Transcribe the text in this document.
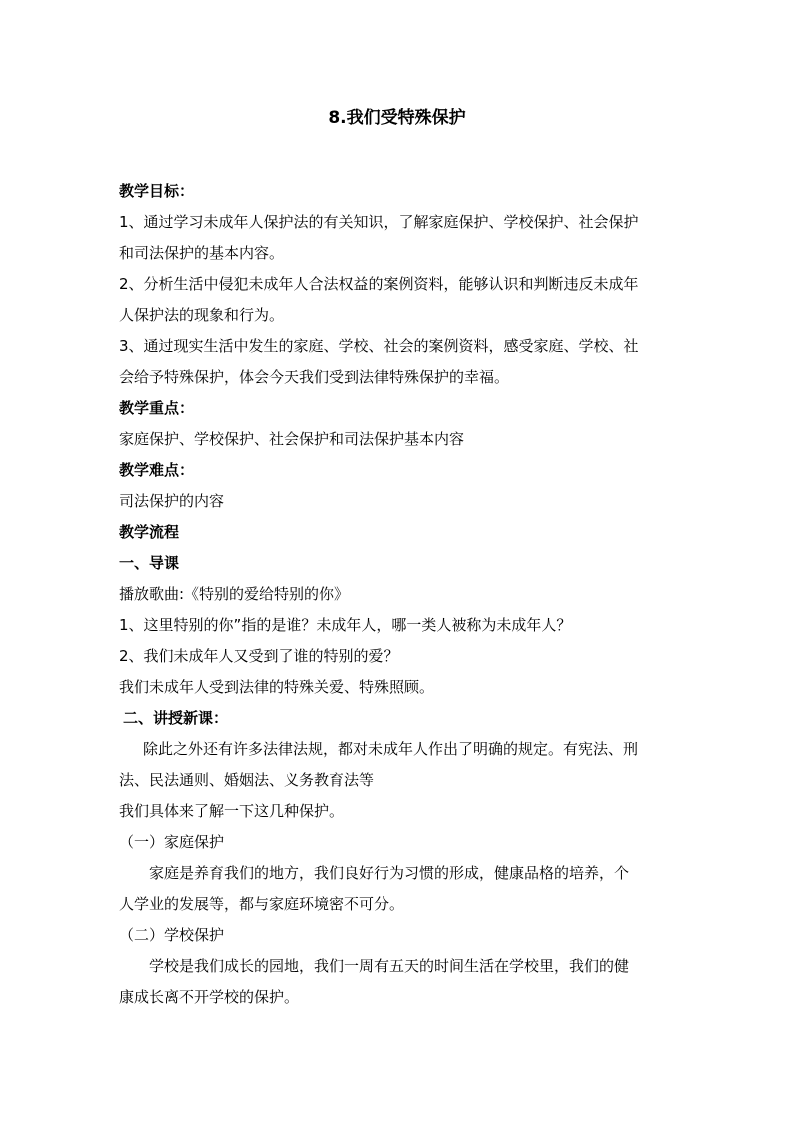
8.我们受特殊保护

教学目标：

1、通过学习未成年人保护法的有关知识，了解家庭保护、学校保护、社会保护

和司法保护的基本内容。

2、分析生活中侵犯未成年人合法权益的案例资料，能够认识和判断违反未成年

人保护法的现象和行为。

3、通过现实生活中发生的家庭、学校、社会的案例资料，感受家庭、学校、社

会给予特殊保护，体会今天我们受到法律特殊保护的幸福。

教学重点：

家庭保护、学校保护、社会保护和司法保护基本内容

教学难点：

司法保护的内容

教学流程

一、导课

播放歌曲:《特别的爱给特别的你》

1、这里特别的你”指的是谁？未成年人，哪一类人被称为未成年人？

2、我们未成年人又受到了谁的特别的爱？

我们未成年人受到法律的特殊关爱、特殊照顾。

二、讲授新课：

除此之外还有许多法律法规，都对未成年人作出了明确的规定。有宪法、刑

法、民法通则、婚姻法、义务教育法等

我们具体来了解一下这几种保护。

（一）家庭保护

家庭是养育我们的地方，我们良好行为习惯的形成，健康品格的培养，个

人学业的发展等，都与家庭环境密不可分。

（二）学校保护

学校是我们成长的园地，我们一周有五天的时间生活在学校里，我们的健

康成长离不开学校的保护。
